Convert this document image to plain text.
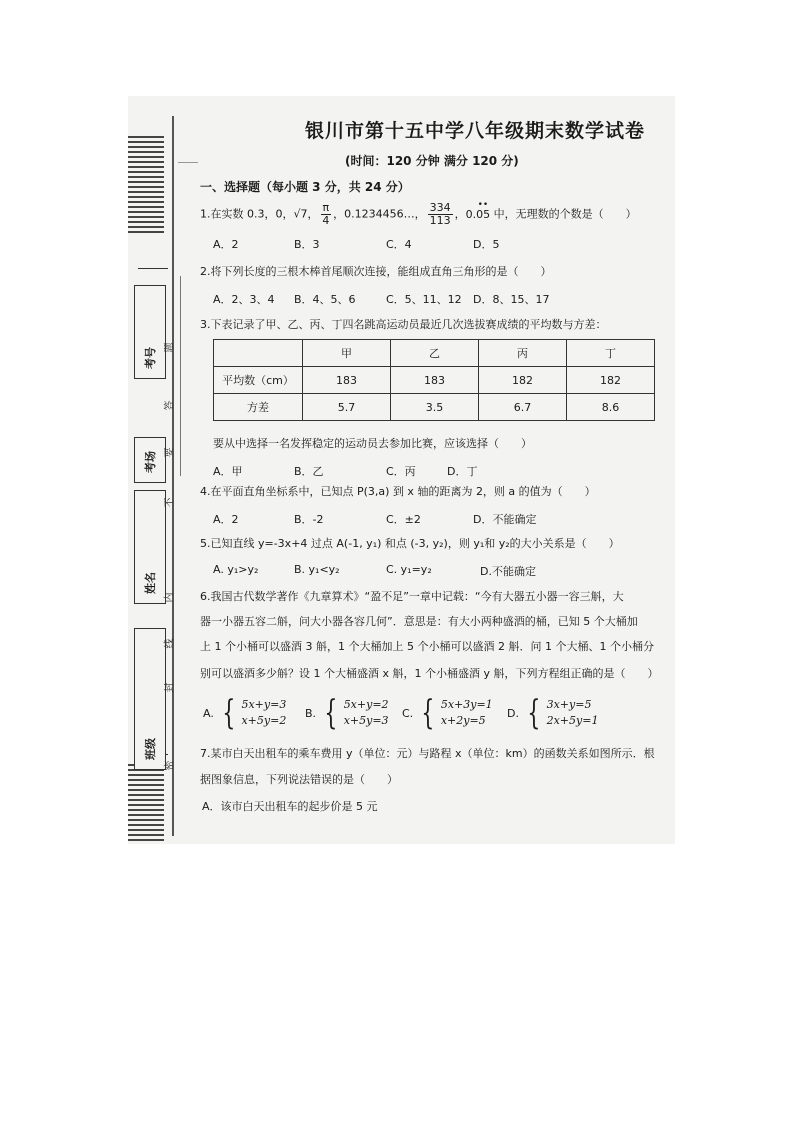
考号
考场
姓名
班级
题
答
要
不
内
线
封
密
银川市第十五中学八年级期末数学试卷
(时间：120 分钟 满分 120 分)
一、选择题（每小题 3 分，共 24 分）
1.在实数 0.3，0，√7， $\frac{\pi}{4}$ ，0.1234456…， $\frac{334}{113}$ ，
••
0.05 中，无理数的个数是（　　）
A．2	B．3	C．4	D．5
2.将下列长度的三根木棒首尾顺次连接，能组成直角三角形的是（　　）
A．2、3、4 B．4、5、6	C．5、11、12 D．8、15、17
3.下表记录了甲、乙、丙、丁四名跳高运动员最近几次选拔赛成绩的平均数与方差：
	甲	乙	丙	丁
平均数（cm）	183	183	182	182
方差	5.7	3.5	6.7	8.6
要从中选择一名发挥稳定的运动员去参加比赛，应该选择（　　）
A．甲	B．乙	C．丙	D．丁
4.在平面直角坐标系中，已知点 P(3,a) 到 x 轴的距离为 2，则 a 的值为（　　）
A．2	B．-2	C．±2	D．不能确定
5.已知直线 y=-3x+4 过点 A(-1, y₁) 和点 (-3, y₂)，则 y₁和 y₂的大小关系是（　　）
A. y₁>y₂	B. y₁<y₂	C. y₁=y₂	D.不能确定
6.我国古代数学著作《九章算术》“盈不足”一章中记载：“今有大器五小器一容三斛，大
器一小器五容二斛，问大小器各容几何”．意思是：有大小两种盛酒的桶，已知 5 个大桶加
上 1 个小桶可以盛酒 3 斛，1 个大桶加上 5 个小桶可以盛酒 2 斛．问 1 个大桶、1 个小桶分
别可以盛酒多少斛？设 1 个大桶盛酒 x 斛，1 个小桶盛酒 y 斛，下列方程组正确的是（　　）
A. { 5x+y=3
x+5y=2
B. { 5x+y=2
x+5y=3
C. { 5x+3y=1
x+2y=5
D. { 3x+y=5
2x+5y=1
7.某市白天出租车的乘车费用 y（单位：元）与路程 x（单位：km）的函数关系如图所示．根
据图象信息，下列说法错误的是（　　）
A．该市白天出租车的起步价是 5 元
